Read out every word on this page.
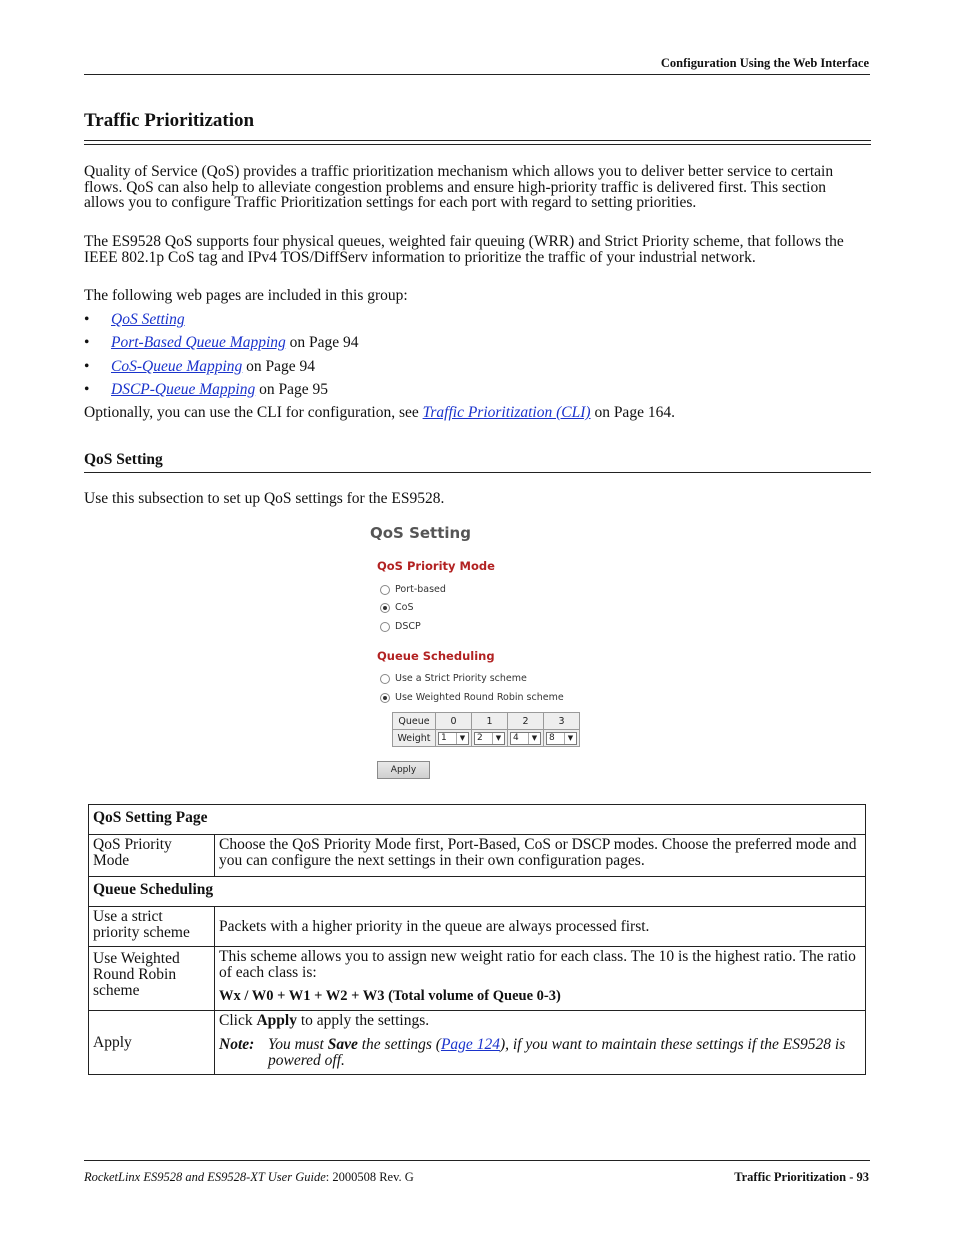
Configuration Using the Web Interface
Traffic Prioritization
Quality of Service (QoS) provides a traffic prioritization mechanism which allows you to deliver better service to certain flows. QoS can also help to alleviate congestion problems and ensure high-priority traffic is delivered first. This section allows you to configure Traffic Prioritization settings for each port with regard to setting priorities.
The ES9528 QoS supports four physical queues, weighted fair queuing (WRR) and Strict Priority scheme, that follows the IEEE 802.1p CoS tag and IPv4 TOS/DiffServ information to prioritize the traffic of your industrial network.
The following web pages are included in this group:
• QoS Setting
• Port-Based Queue Mapping on Page 94
• CoS-Queue Mapping on Page 94
• DSCP-Queue Mapping on Page 95
Optionally, you can use the CLI for configuration, see Traffic Prioritization (CLI) on Page 164.
QoS Setting
Use this subsection to set up QoS settings for the ES9528.
QoS Setting
QoS Priority Mode
Port-based
CoS
DSCP
Queue Scheduling
Use a Strict Priority scheme
Use Weighted Round Robin scheme
Queue	0	1	2	3
Weight	1 ▼	2 ▼	4 ▼	8 ▼
Apply
QoS Setting Page	
QoS Priority Mode	Choose the QoS Priority Mode first, Port-Based, CoS or DSCP modes. Choose the preferred mode and you can configure the next settings in their own configuration pages.
Queue Scheduling	
Use a strict priority scheme	Packets with a higher priority in the queue are always processed first.
Use Weighted Round Robin scheme	This scheme allows you to assign new weight ratio for each class. The 10 is the highest ratio. The ratio of each class is:
Wx / W0 + W1 + W2 + W3 (Total volume of Queue 0-3)

Apply	Click Apply to apply the settings.
Note: You must Save the settings (Page 124), if you want to maintain these settings if the ES9528 is powered off.
RocketLinx ES9528 and ES9528-XT User Guide: 2000508 Rev. G	Traffic Prioritization - 93
